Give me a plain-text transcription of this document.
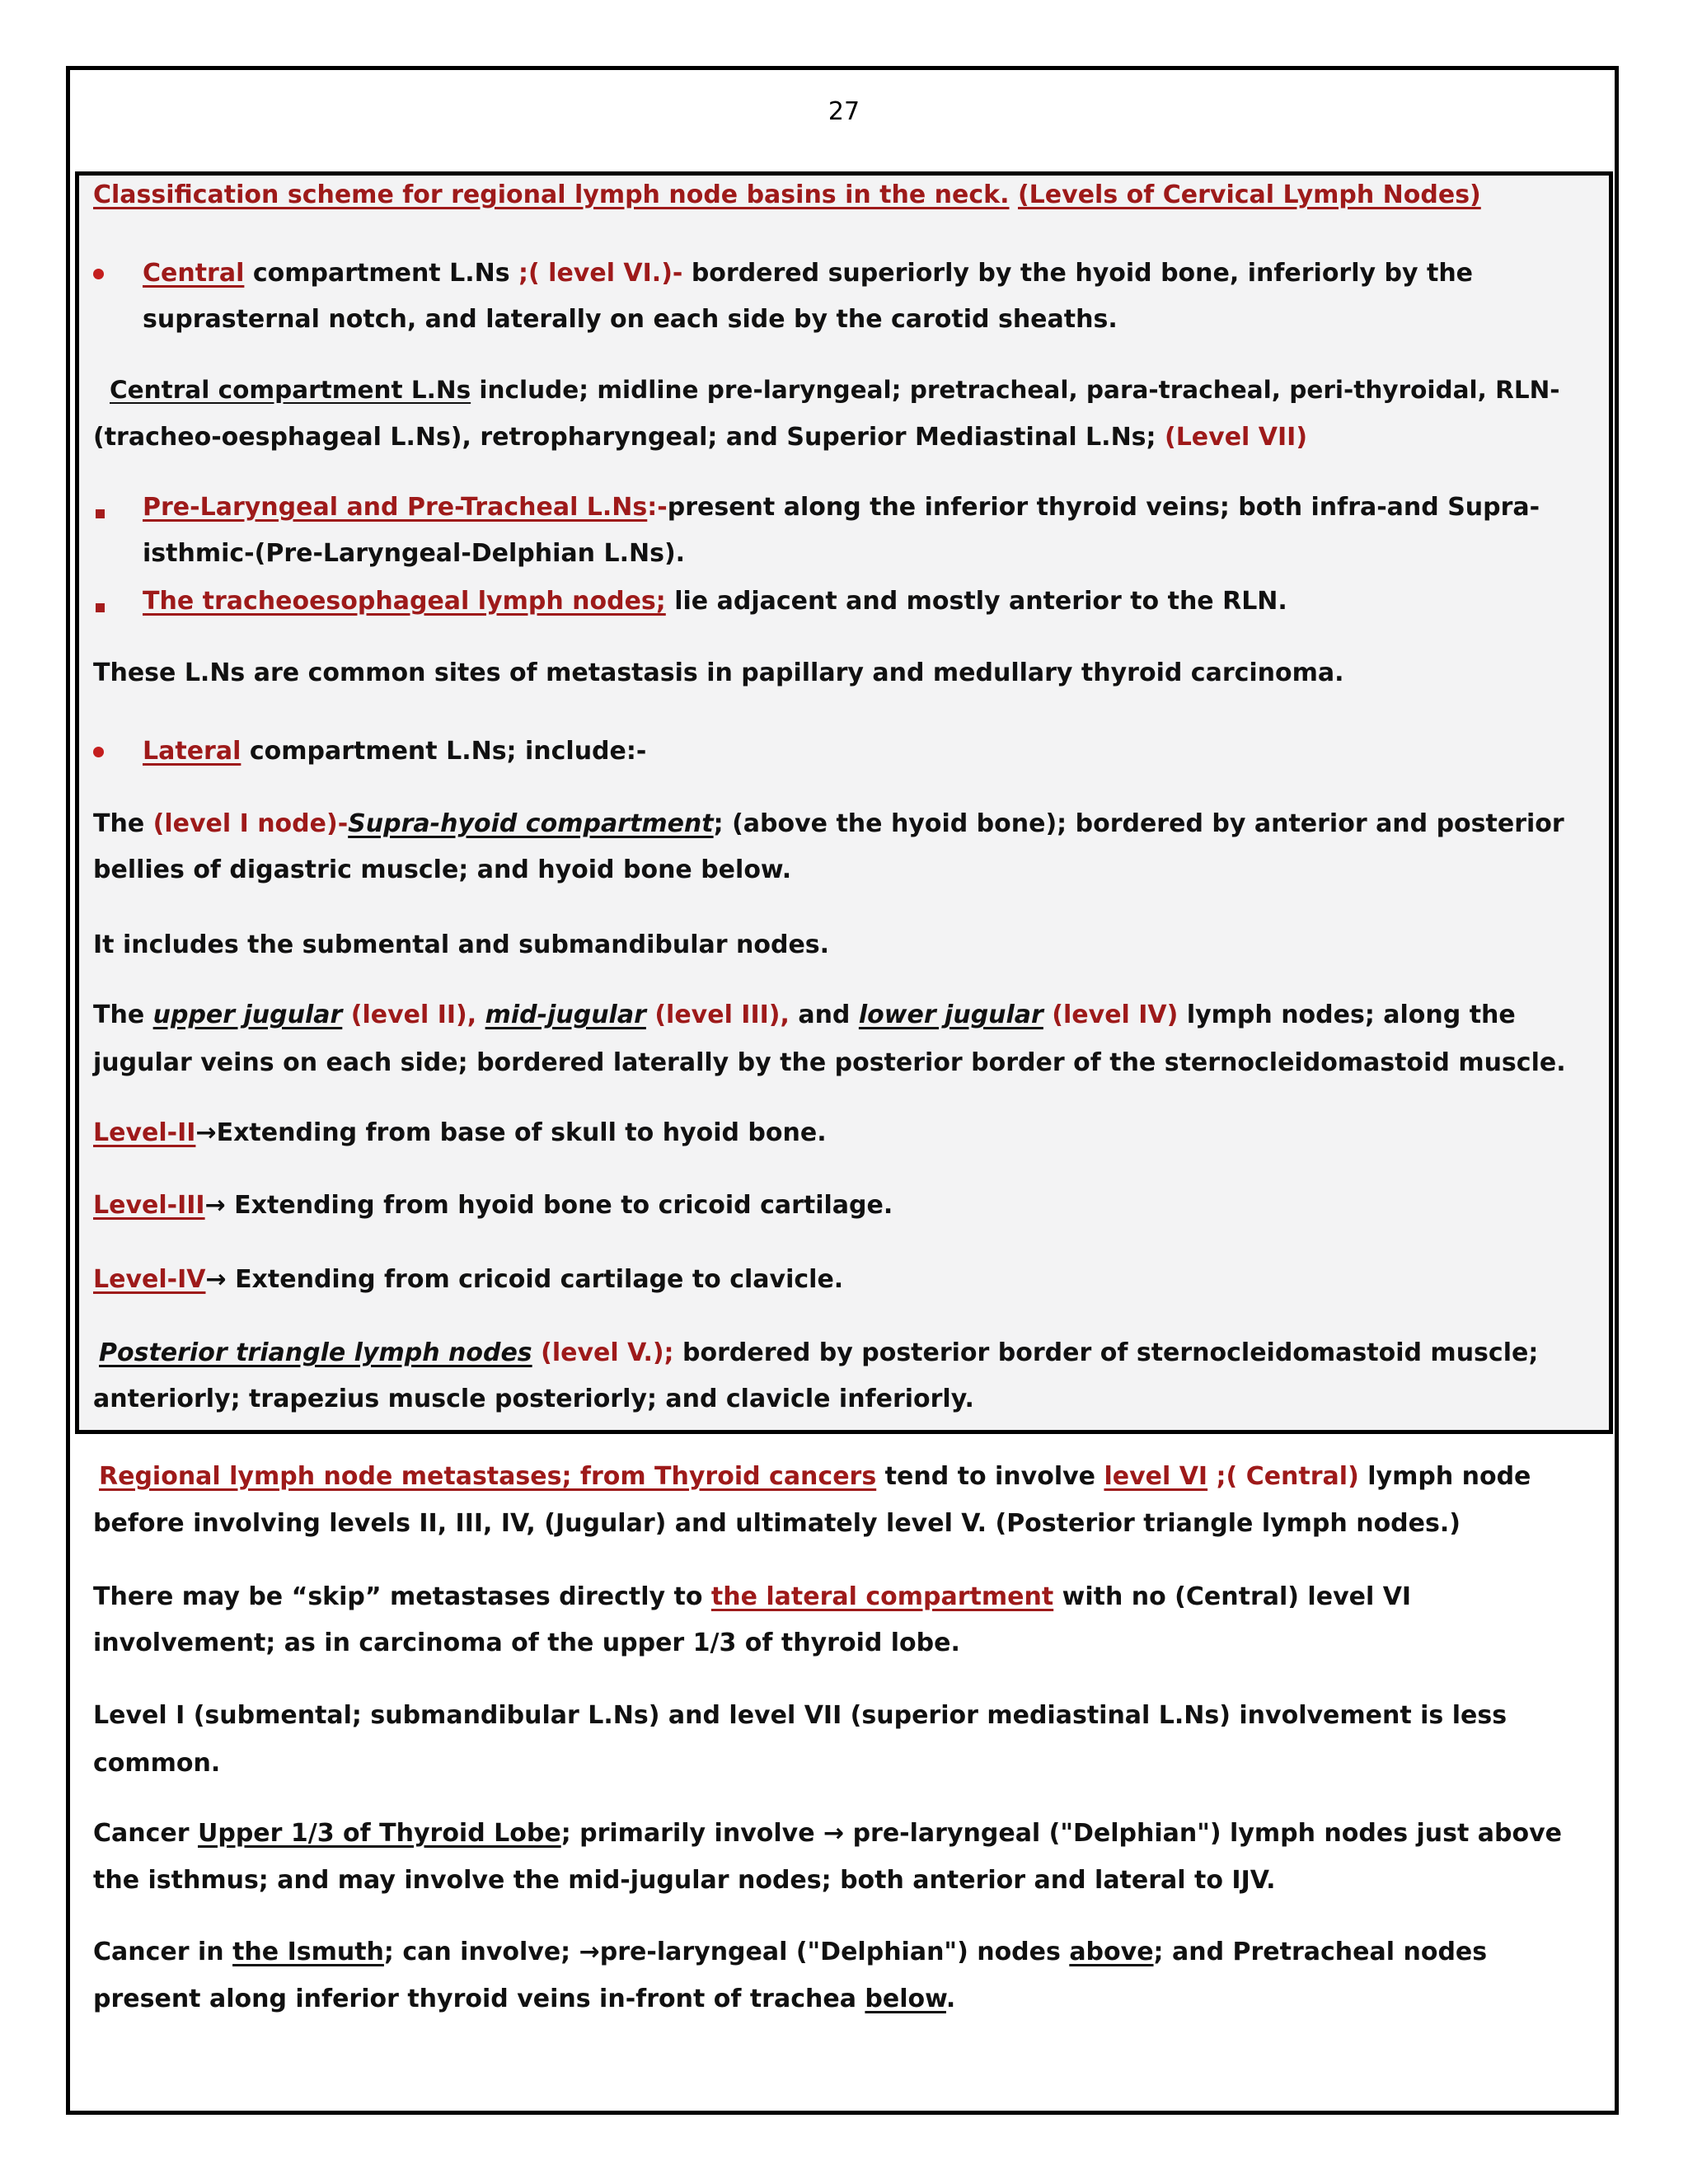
27
Classification scheme for regional lymph node basins in the neck. (Levels of Cervical Lymph Nodes)
Central compartment L.Ns ;( level VI.)- bordered superiorly by the hyoid bone, inferiorly by the
suprasternal notch, and laterally on each side by the carotid sheaths.
Central compartment L.Ns include; midline pre-laryngeal; pretracheal, para-tracheal, peri-thyroidal, RLN-
(tracheo-oesphageal L.Ns), retropharyngeal; and Superior Mediastinal L.Ns; (Level VII)
Pre-Laryngeal and Pre-Tracheal L.Ns:-present along the inferior thyroid veins; both infra-and Supra-
isthmic-(Pre-Laryngeal-Delphian L.Ns).
The tracheoesophageal lymph nodes; lie adjacent and mostly anterior to the RLN.
These L.Ns are common sites of metastasis in papillary and medullary thyroid carcinoma.
Lateral compartment L.Ns; include:-
The (level I node)-Supra-hyoid compartment; (above the hyoid bone); bordered by anterior and posterior
bellies of digastric muscle; and hyoid bone below.
It includes the submental and submandibular nodes.
The upper jugular (level II), mid-jugular (level III), and lower jugular (level IV) lymph nodes; along the
jugular veins on each side; bordered laterally by the posterior border of the sternocleidomastoid muscle.
Level-II→Extending from base of skull to hyoid bone.
Level-III→ Extending from hyoid bone to cricoid cartilage.
Level-IV→ Extending from cricoid cartilage to clavicle.
Posterior triangle lymph nodes (level V.); bordered by posterior border of sternocleidomastoid muscle;
anteriorly; trapezius muscle posteriorly; and clavicle inferiorly.
Regional lymph node metastases; from Thyroid cancers tend to involve level VI ;( Central) lymph node
before involving levels II, III, IV, (Jugular) and ultimately level V. (Posterior triangle lymph nodes.)
There may be “skip” metastases directly to the lateral compartment with no (Central) level VI
involvement; as in carcinoma of the upper 1/3 of thyroid lobe.
Level I (submental; submandibular L.Ns) and level VII (superior mediastinal L.Ns) involvement is less
common.
Cancer Upper 1/3 of Thyroid Lobe; primarily involve → pre-laryngeal ("Delphian") lymph nodes just above
the isthmus; and may involve the mid-jugular nodes; both anterior and lateral to IJV.
Cancer in the Ismuth; can involve; →pre-laryngeal ("Delphian") nodes above; and Pretracheal nodes
present along inferior thyroid veins in-front of trachea below.
